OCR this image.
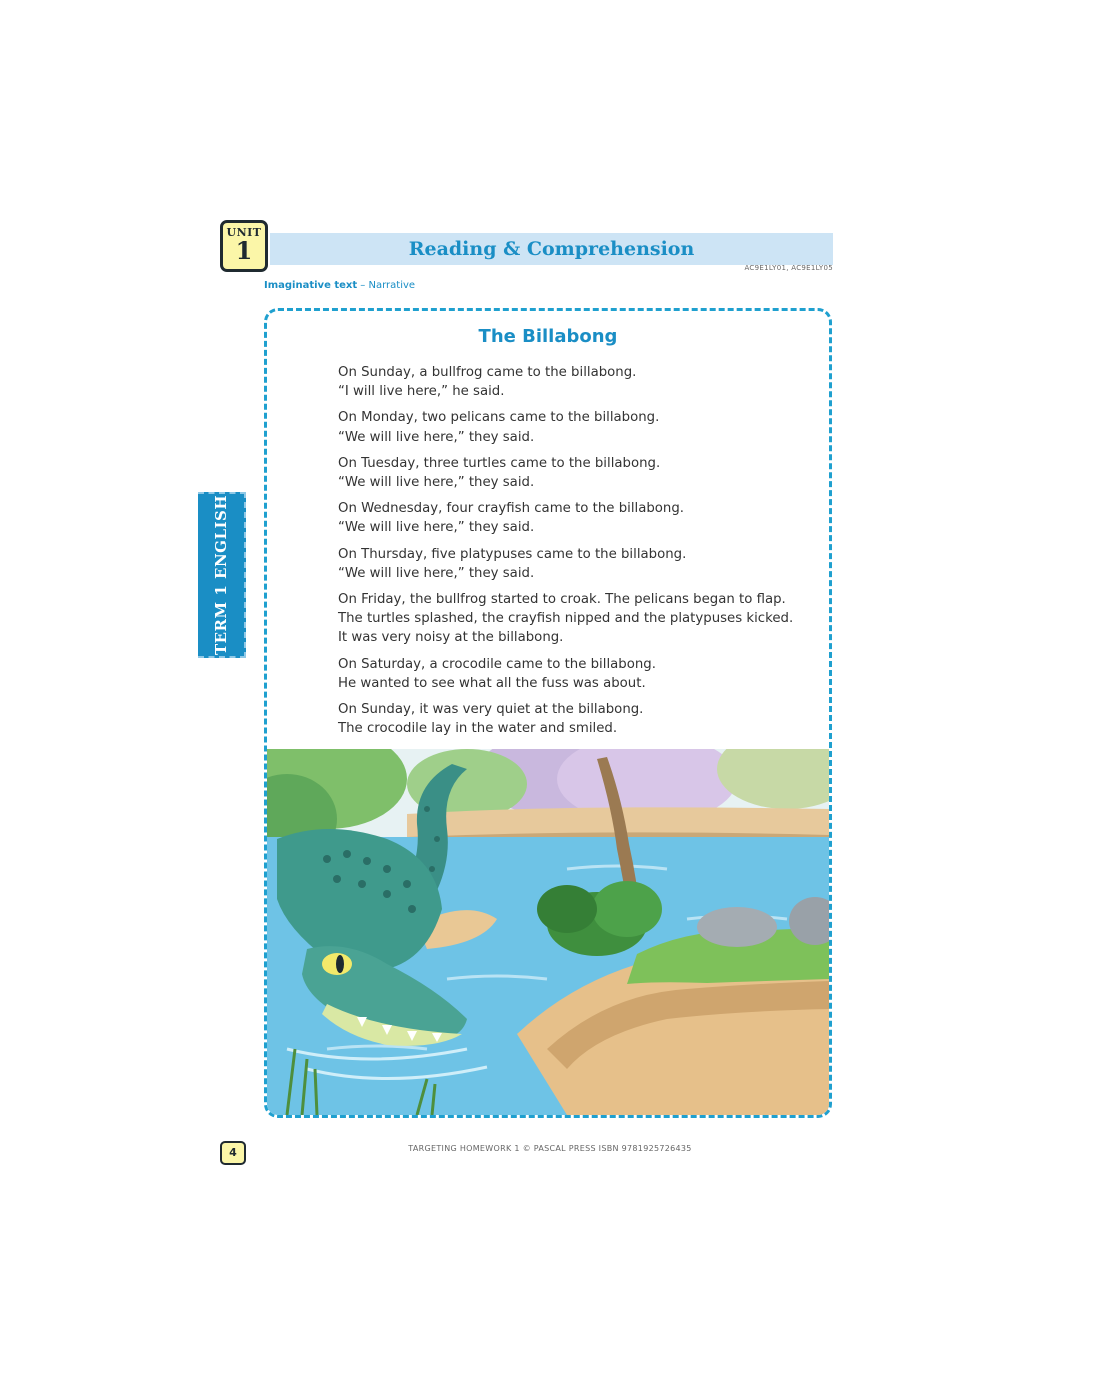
UNIT
1	Reading & Comprehension
AC9E1LY01, AC9E1LY05
Imaginative text – Narrative
TERM 1 ENGLISH
The Billabong

On Sunday, a bullfrog came to the billabong.
“I will live here,” he said.

On Monday, two pelicans came to the billabong.
“We will live here,” they said.

On Tuesday, three turtles came to the billabong.
“We will live here,” they said.

On Wednesday, four crayfish came to the billabong.
“We will live here,” they said.

On Thursday, five platypuses came to the billabong.
“We will live here,” they said.

On Friday, the bullfrog started to croak. The pelicans began to flap.
The turtles splashed, the crayfish nipped and the platypuses kicked.
It was very noisy at the billabong.

On Saturday, a crocodile came to the billabong.
He wanted to see what all the fuss was about.

On Sunday, it was very quiet at the billabong.
The crocodile lay in the water and smiled.

4	TARGETING HOMEWORK 1 © PASCAL PRESS ISBN 9781925726435
